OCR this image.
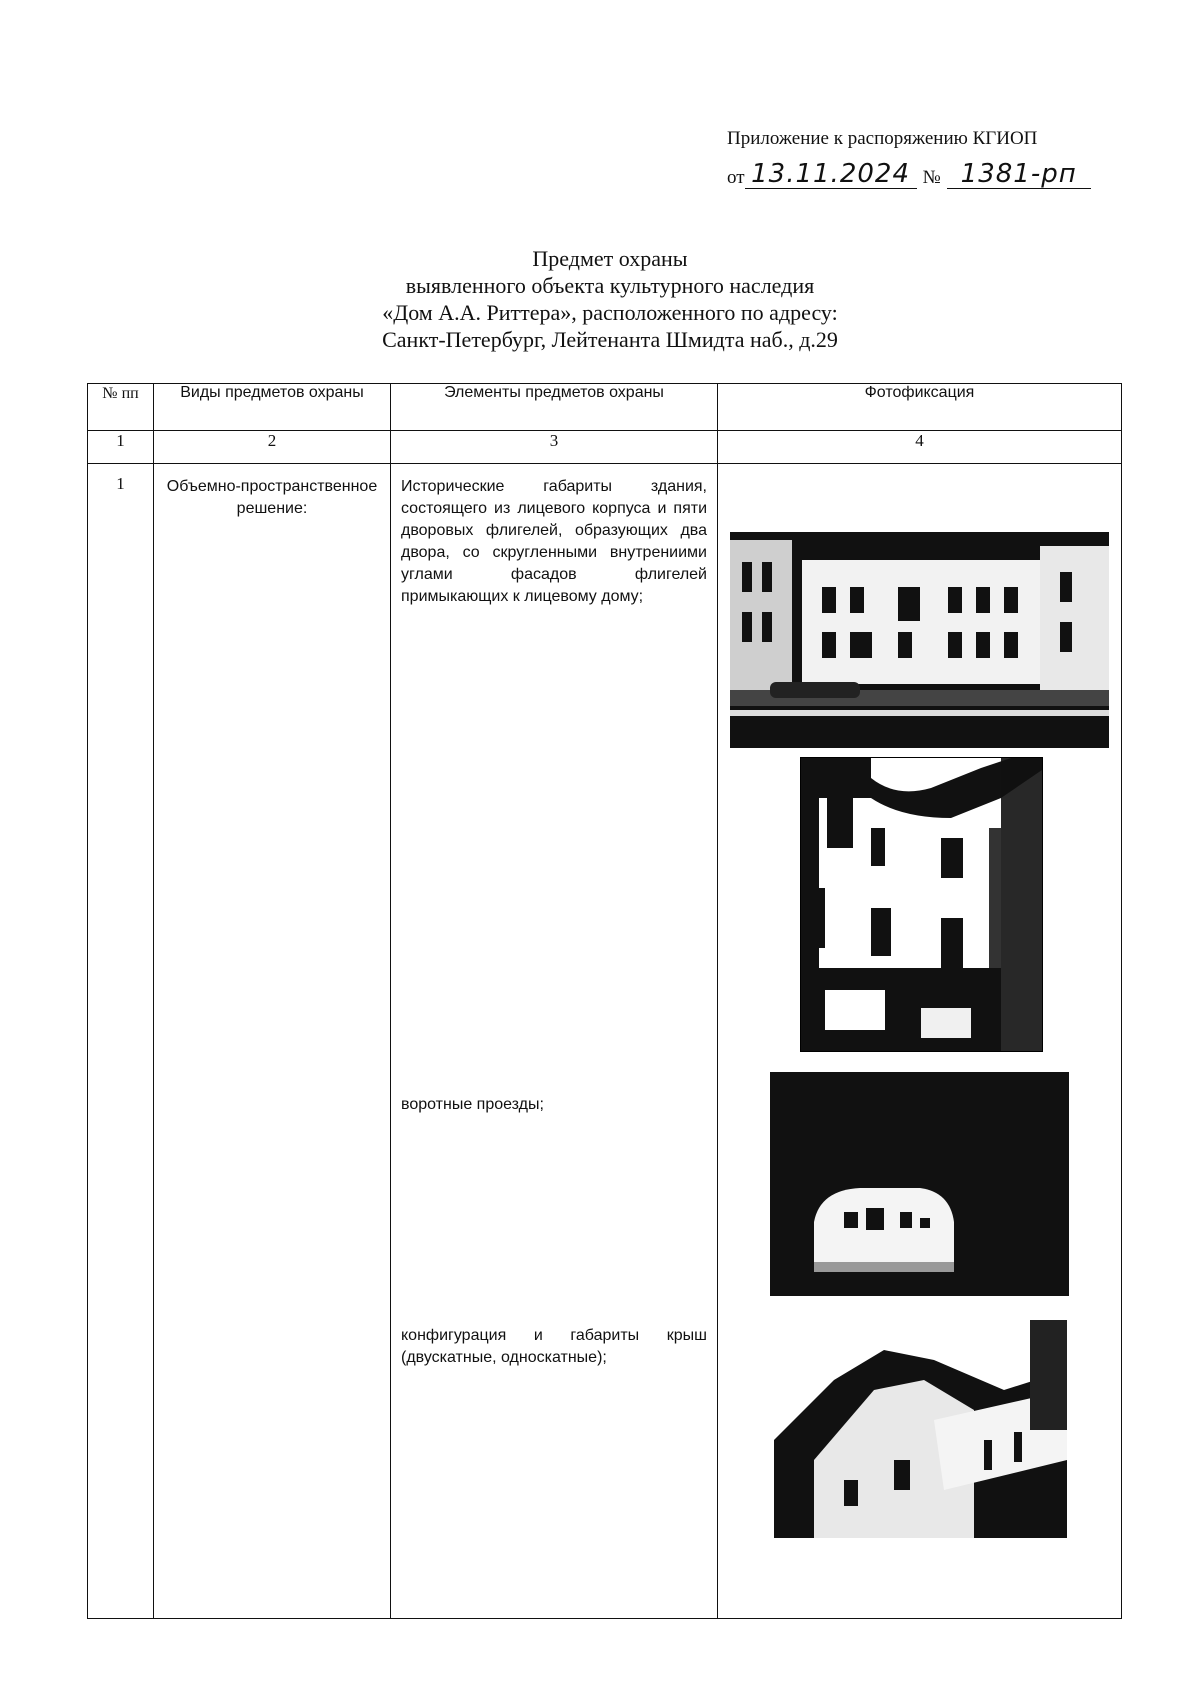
Приложение к распоряжению КГИОП
от 13.11.2024 № 1381-рп
Предмет охраны
выявленного объекта культурного наследия
«Дом А.А. Риттера», расположенного по адресу:
Санкт-Петербург, Лейтенанта Шмидта наб., д.29
№ пп	Виды предметов охраны	Элементы предметов охраны	Фотофиксация
1	2	3	4
1	Объемно-пространственное решение:	Исторические габариты здания, состоящего из лицевого корпуса и пяти дворовых флигелей, образующих два двора, со скругленными внутрениими углами фасадов флигелей примыкающих к лицевому дому;
воротные проезды;
конфигурация и габариты крыш (двускатные, односкатные);
